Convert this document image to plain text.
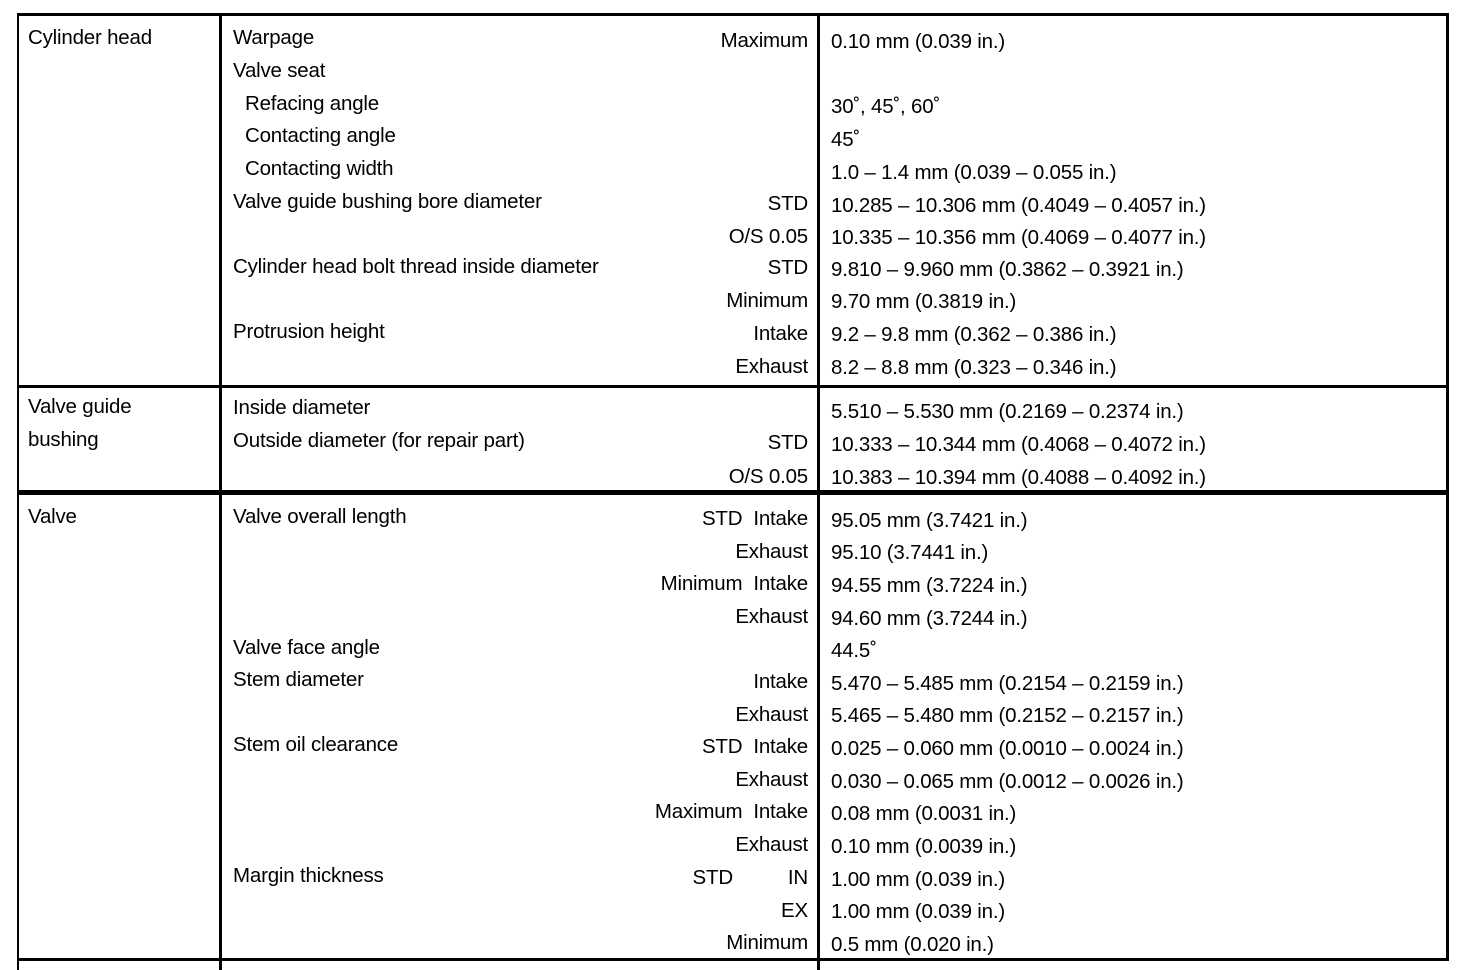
Cylinder head	Warpage	Maximum 0.10 mm (0.039 in.)
Valve seat
Refacing angle	30˚, 45˚, 60˚
Contacting angle	45˚
Contacting width	1.0 – 1.4 mm (0.039 – 0.055 in.)
Valve guide bushing bore diameter	STD 10.285 – 10.306 mm (0.4049 – 0.4057 in.)
O/S 0.05 10.335 – 10.356 mm (0.4069 – 0.4077 in.)
Cylinder head bolt thread inside diameter	STD 9.810 – 9.960 mm (0.3862 – 0.3921 in.)
Minimum 9.70 mm (0.3819 in.)
Protrusion height	Intake 9.2 – 9.8 mm (0.362 – 0.386 in.)
Exhaust 8.2 – 8.8 mm (0.323 – 0.346 in.)
Valve guide
bushing
Inside diameter	5.510 – 5.530 mm (0.2169 – 0.2374 in.)
Outside diameter (for repair part)	STD 10.333 – 10.344 mm (0.4068 – 0.4072 in.)
O/S 0.05 10.383 – 10.394 mm (0.4088 – 0.4092 in.)
Valve	Valve overall length	STD  Intake 95.05 mm (3.7421 in.)
Exhaust 95.10 (3.7441 in.)
Minimum  Intake 94.55 mm (3.7224 in.)
Exhaust 94.60 mm (3.7244 in.)
Valve face angle	44.5˚
Stem diameter	Intake 5.470 – 5.485 mm (0.2154 – 0.2159 in.)
Exhaust 5.465 – 5.480 mm (0.2152 – 0.2157 in.)
Stem oil clearance	STD  Intake 0.025 – 0.060 mm (0.0010 – 0.0024 in.)
Exhaust 0.030 – 0.065 mm (0.0012 – 0.0026 in.)
Maximum  Intake 0.08 mm (0.0031 in.)
Exhaust 0.10 mm (0.0039 in.)
Margin thickness	STD          IN 1.00 mm (0.039 in.)
EX 1.00 mm (0.039 in.)
Minimum 0.5 mm (0.020 in.)
